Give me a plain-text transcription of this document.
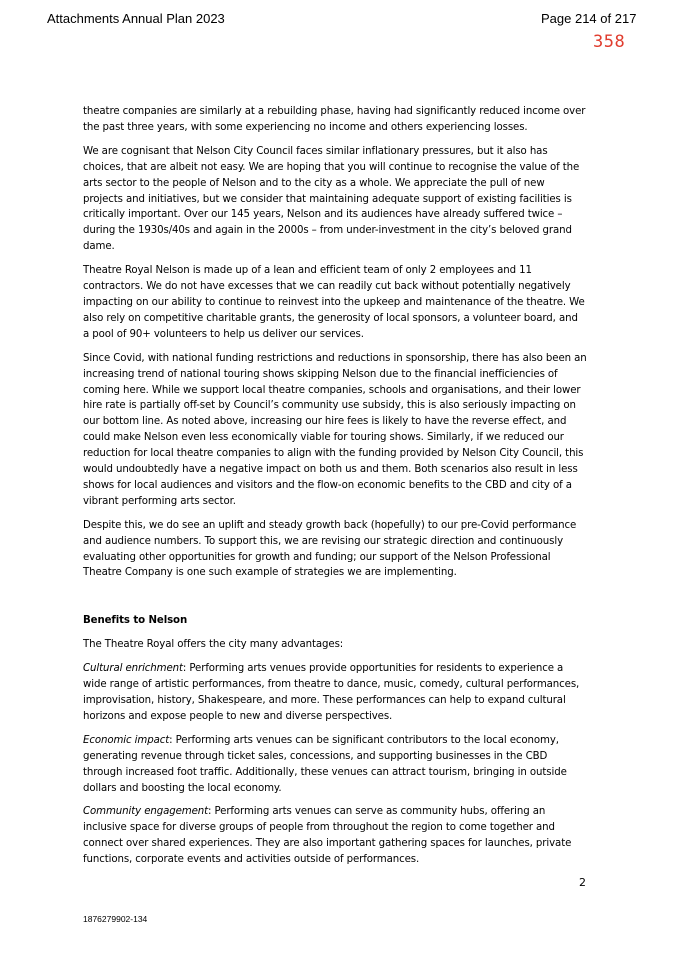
Attachments Annual Plan 2023	Page 214 of 217
358

theatre companies are similarly at a rebuilding phase, having had significantly reduced income over the past three years, with some experiencing no income and others experiencing losses.

We are cognisant that Nelson City Council faces similar inflationary pressures, but it also has choices, that are albeit not easy. We are hoping that you will continue to recognise the value of the arts sector to the people of Nelson and to the city as a whole. We appreciate the pull of new projects and initiatives, but we consider that maintaining adequate support of existing facilities is critically important. Over our 145 years, Nelson and its audiences have already suffered twice – during the 1930s/40s and again in the 2000s – from under-investment in the city’s beloved grand dame.

Theatre Royal Nelson is made up of a lean and efficient team of only 2 employees and 11 contractors. We do not have excesses that we can readily cut back without potentially negatively impacting on our ability to continue to reinvest into the upkeep and maintenance of the theatre. We also rely on competitive charitable grants, the generosity of local sponsors, a volunteer board, and a pool of 90+ volunteers to help us deliver our services.

Since Covid, with national funding restrictions and reductions in sponsorship, there has also been an increasing trend of national touring shows skipping Nelson due to the financial inefficiencies of coming here. While we support local theatre companies, schools and organisations, and their lower hire rate is partially off-set by Council’s community use subsidy, this is also seriously impacting on our bottom line. As noted above, increasing our hire fees is likely to have the reverse effect, and could make Nelson even less economically viable for touring shows. Similarly, if we reduced our reduction for local theatre companies to align with the funding provided by Nelson City Council, this would undoubtedly have a negative impact on both us and them. Both scenarios also result in less shows for local audiences and visitors and the flow-on economic benefits to the CBD and city of a vibrant performing arts sector.

Despite this, we do see an uplift and steady growth back (hopefully) to our pre-Covid performance and audience numbers. To support this, we are revising our strategic direction and continuously evaluating other opportunities for growth and funding; our support of the Nelson Professional Theatre Company is one such example of strategies we are implementing.

Benefits to Nelson

The Theatre Royal offers the city many advantages:

Cultural enrichment: Performing arts venues provide opportunities for residents to experience a wide range of artistic performances, from theatre to dance, music, comedy, cultural performances, improvisation, history, Shakespeare, and more. These performances can help to expand cultural horizons and expose people to new and diverse perspectives.

Economic impact: Performing arts venues can be significant contributors to the local economy, generating revenue through ticket sales, concessions, and supporting businesses in the CBD through increased foot traffic. Additionally, these venues can attract tourism, bringing in outside dollars and boosting the local economy.

Community engagement: Performing arts venues can serve as community hubs, offering an inclusive space for diverse groups of people from throughout the region to come together and connect over shared experiences. They are also important gathering spaces for launches, private functions, corporate events and activities outside of performances.

2
1876279902-134
